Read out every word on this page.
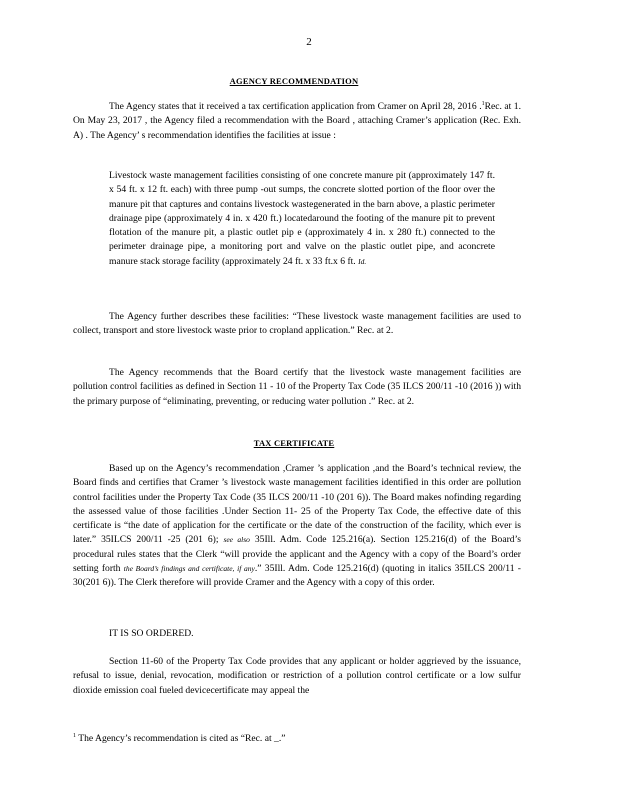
2
AGENCY RECOMMENDATION
The Agency states that it received a tax certification application from Cramer on April 28, 2016 .$^1$Rec. at 1. On May 23, 2017 , the Agency filed a recommendation with the Board , attaching Cramer’s application (Rec. Exh. A) . The Agency’ s recommendation identifies the facilities at issue :
Livestock waste management facilities consisting of one concrete manure pit (approximately 147 ft. x 54 ft. x 12 ft. each) with three pump -out sumps, the concrete slotted portion of the floor over the manure pit that captures and contains livestock wastegenerated in the barn above, a plastic perimeter drainage pipe (approximately 4 in. x 420 ft.) locatedaround the footing of the manure pit to prevent flotation of the manure pit, a plastic outlet pip e (approximately 4 in. x 280 ft.) connected to the perimeter drainage pipe, a monitoring port and valve on the plastic outlet pipe, and aconcrete manure stack storage facility (approximately 24 ft. x 33 ft.x 6 ft. Id.
The Agency further describes these facilities: “These livestock waste management facilities are used to collect, transport and store livestock waste prior to cropland application.” Rec. at 2.
The Agency recommends that the Board certify that the livestock waste management facilities are pollution control facilities as defined in Section 11 - 10 of the Property Tax Code (35 ILCS 200/11 -10 (2016 )) with the primary purpose of “eliminating, preventing, or reducing water pollution .” Rec. at 2.
TAX CERTIFICATE
Based up on the Agency’s recommendation ,Cramer ’s application ,and the Board’s technical review, the Board finds and certifies that Cramer ’s livestock waste management facilities identified in this order are pollution control facilities under the Property Tax Code (35 ILCS 200/11 -10 (201 6)). The Board makes nofinding regarding the assessed value of those facilities .Under Section 11- 25 of the Property Tax Code, the effective date of this certificate is “the date of application for the certificate or the date of the construction of the facility, which ever is later.” 35ILCS 200/11 -25 (201 6); see also 35Ill. Adm. Code 125.216(a). Section 125.216(d) of the Board’s procedural rules states that the Clerk “will provide the applicant and the Agency with a copy of the Board’s order setting forth the Board’s findings and certificate, if any.” 35Ill. Adm. Code 125.216(d) (quoting in italics 35ILCS 200/11 - 30(201 6)). The Clerk therefore will provide Cramer and the Agency with a copy of this order.
IT IS SO ORDERED.
Section 11-60 of the Property Tax Code provides that any applicant or holder aggrieved by the issuance, refusal to issue, denial, revocation, modification or restriction of a pollution control certificate or a low sulfur dioxide emission coal fueled devicecertificate may appeal the
$^1$ The Agency’s recommendation is cited as “Rec. at _.”
